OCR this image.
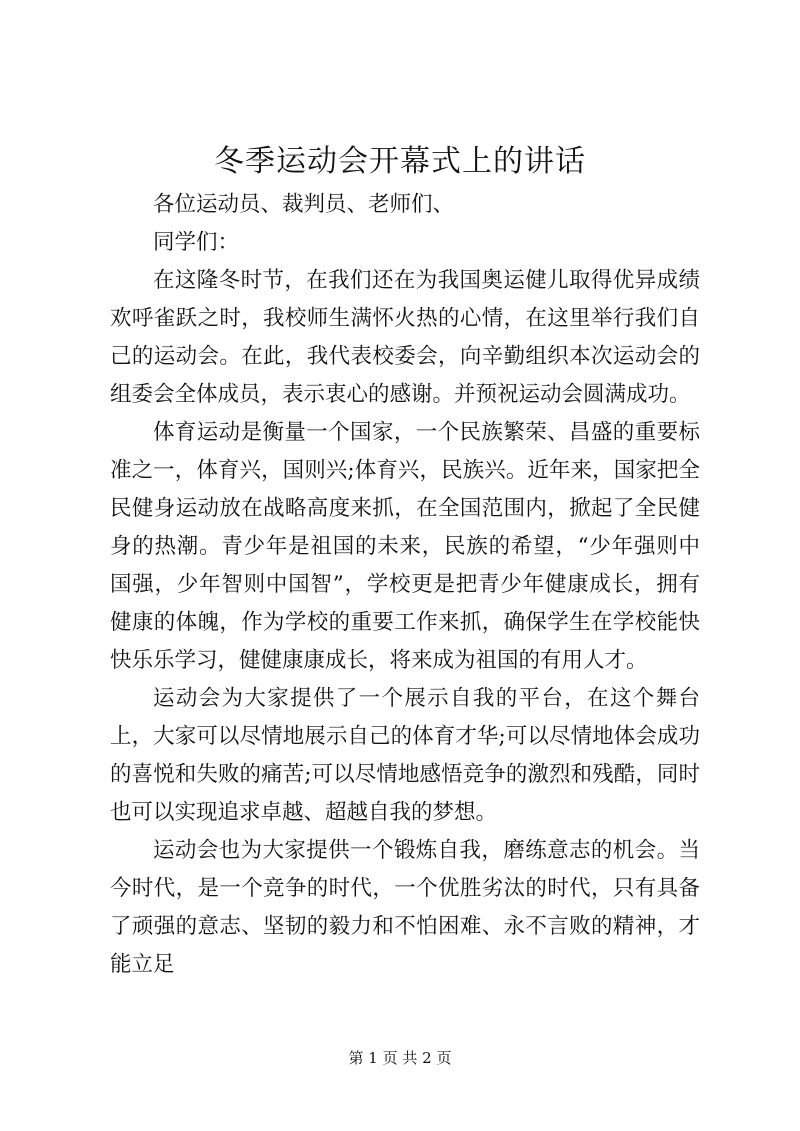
冬季运动会开幕式上的讲话

各位运动员、裁判员、老师们、

同学们：

在这隆冬时节，在我们还在为我国奥运健儿取得优异成绩欢呼雀跃之时，我校师生满怀火热的心情，在这里举行我们自己的运动会。在此，我代表校委会，向辛勤组织本次运动会的组委会全体成员，表示衷心的感谢。并预祝运动会圆满成功。

体育运动是衡量一个国家，一个民族繁荣、昌盛的重要标准之一，体育兴，国则兴;体育兴，民族兴。近年来，国家把全民健身运动放在战略高度来抓，在全国范围内，掀起了全民健身的热潮。青少年是祖国的未来，民族的希望，“少年强则中国强，少年智则中国智”，学校更是把青少年健康成长，拥有健康的体魄，作为学校的重要工作来抓，确保学生在学校能快快乐乐学习，健健康康成长，将来成为祖国的有用人才。

运动会为大家提供了一个展示自我的平台，在这个舞台上，大家可以尽情地展示自己的体育才华;可以尽情地体会成功的喜悦和失败的痛苦;可以尽情地感悟竞争的激烈和残酷，同时也可以实现追求卓越、超越自我的梦想。

运动会也为大家提供一个锻炼自我，磨练意志的机会。当今时代，是一个竞争的时代，一个优胜劣汰的时代，只有具备了顽强的意志、坚韧的毅力和不怕困难、永不言败的精神，才能立足

第 1 页 共 2 页
